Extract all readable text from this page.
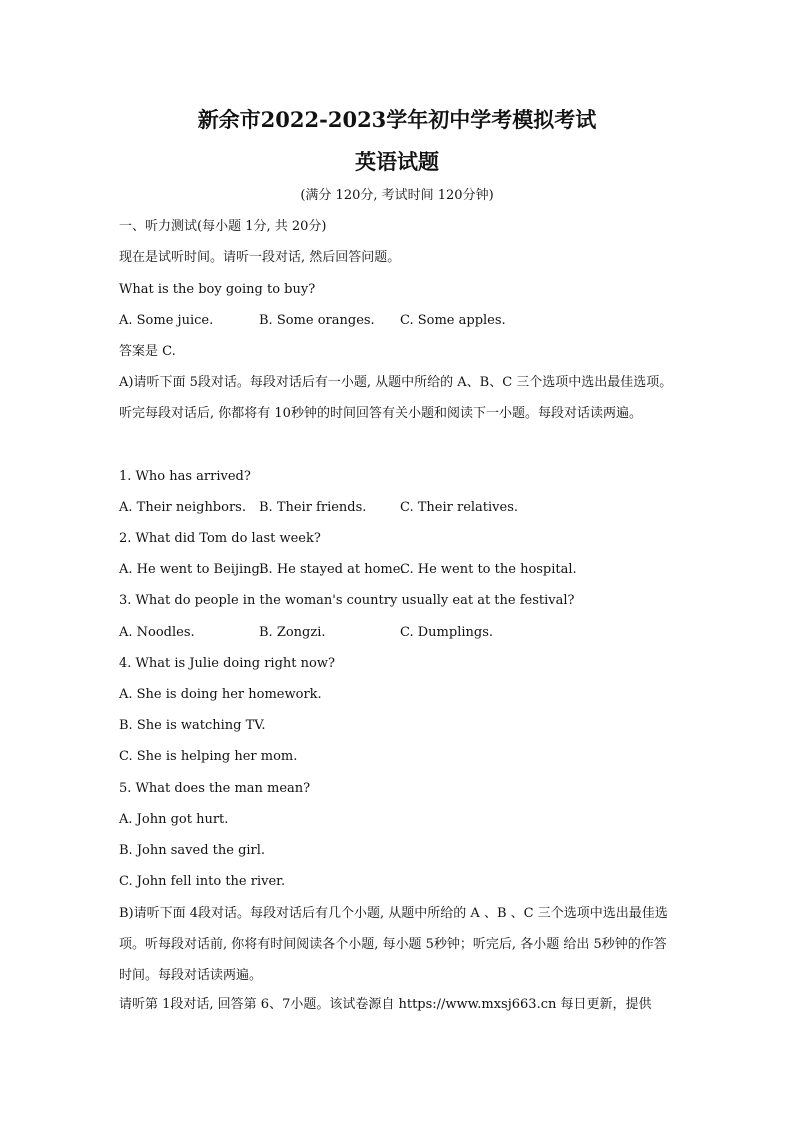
新余市2022-2023学年初中学考模拟考试
英语试题

(满分 120分, 考试时间 120分钟)

一、听力测试(每小题 1分, 共 20分)

现在是试听时间。请听一段对话, 然后回答问题。

What is the boy going to buy?

A. Some juice.	B. Some oranges. C. Some apples.

答案是 C.

A)请听下面 5段对话。每段对话后有一小题, 从题中所给的 A、B、C 三个选项中选出最佳选项。听完每段对话后, 你都将有 10秒钟的时间回答有关小题和阅读下一小题。每段对话读两遍。

1. Who has arrived?

A. Their neighbors. B. Their friends.	C. Their relatives.

2. What did Tom do last week?

A. He went to Beijing.B. He stayed at home.C. He went to the hospital.

3. What do people in the woman's country usually eat at the festival?

A. Noodles.	B. Zongzi.	C. Dumplings.

4. What is Julie doing right now?

A. She is doing her homework.

B. She is watching TV.

C. She is helping her mom.

5. What does the man mean?

A. John got hurt.

B. John saved the girl.

C. John fell into the river.

B)请听下面 4段对话。每段对话后有几个小题, 从题中所给的 A 、B 、C 三个选项中选出最佳选项。听每段对话前, 你将有时间阅读各个小题, 每小题 5秒钟；听完后, 各小题 给出 5秒钟的作答时间。每段对话读两遍。

请听第 1段对话, 回答第 6、7小题。该试卷源自 https://www.mxsj663.cn 每日更新，提供
